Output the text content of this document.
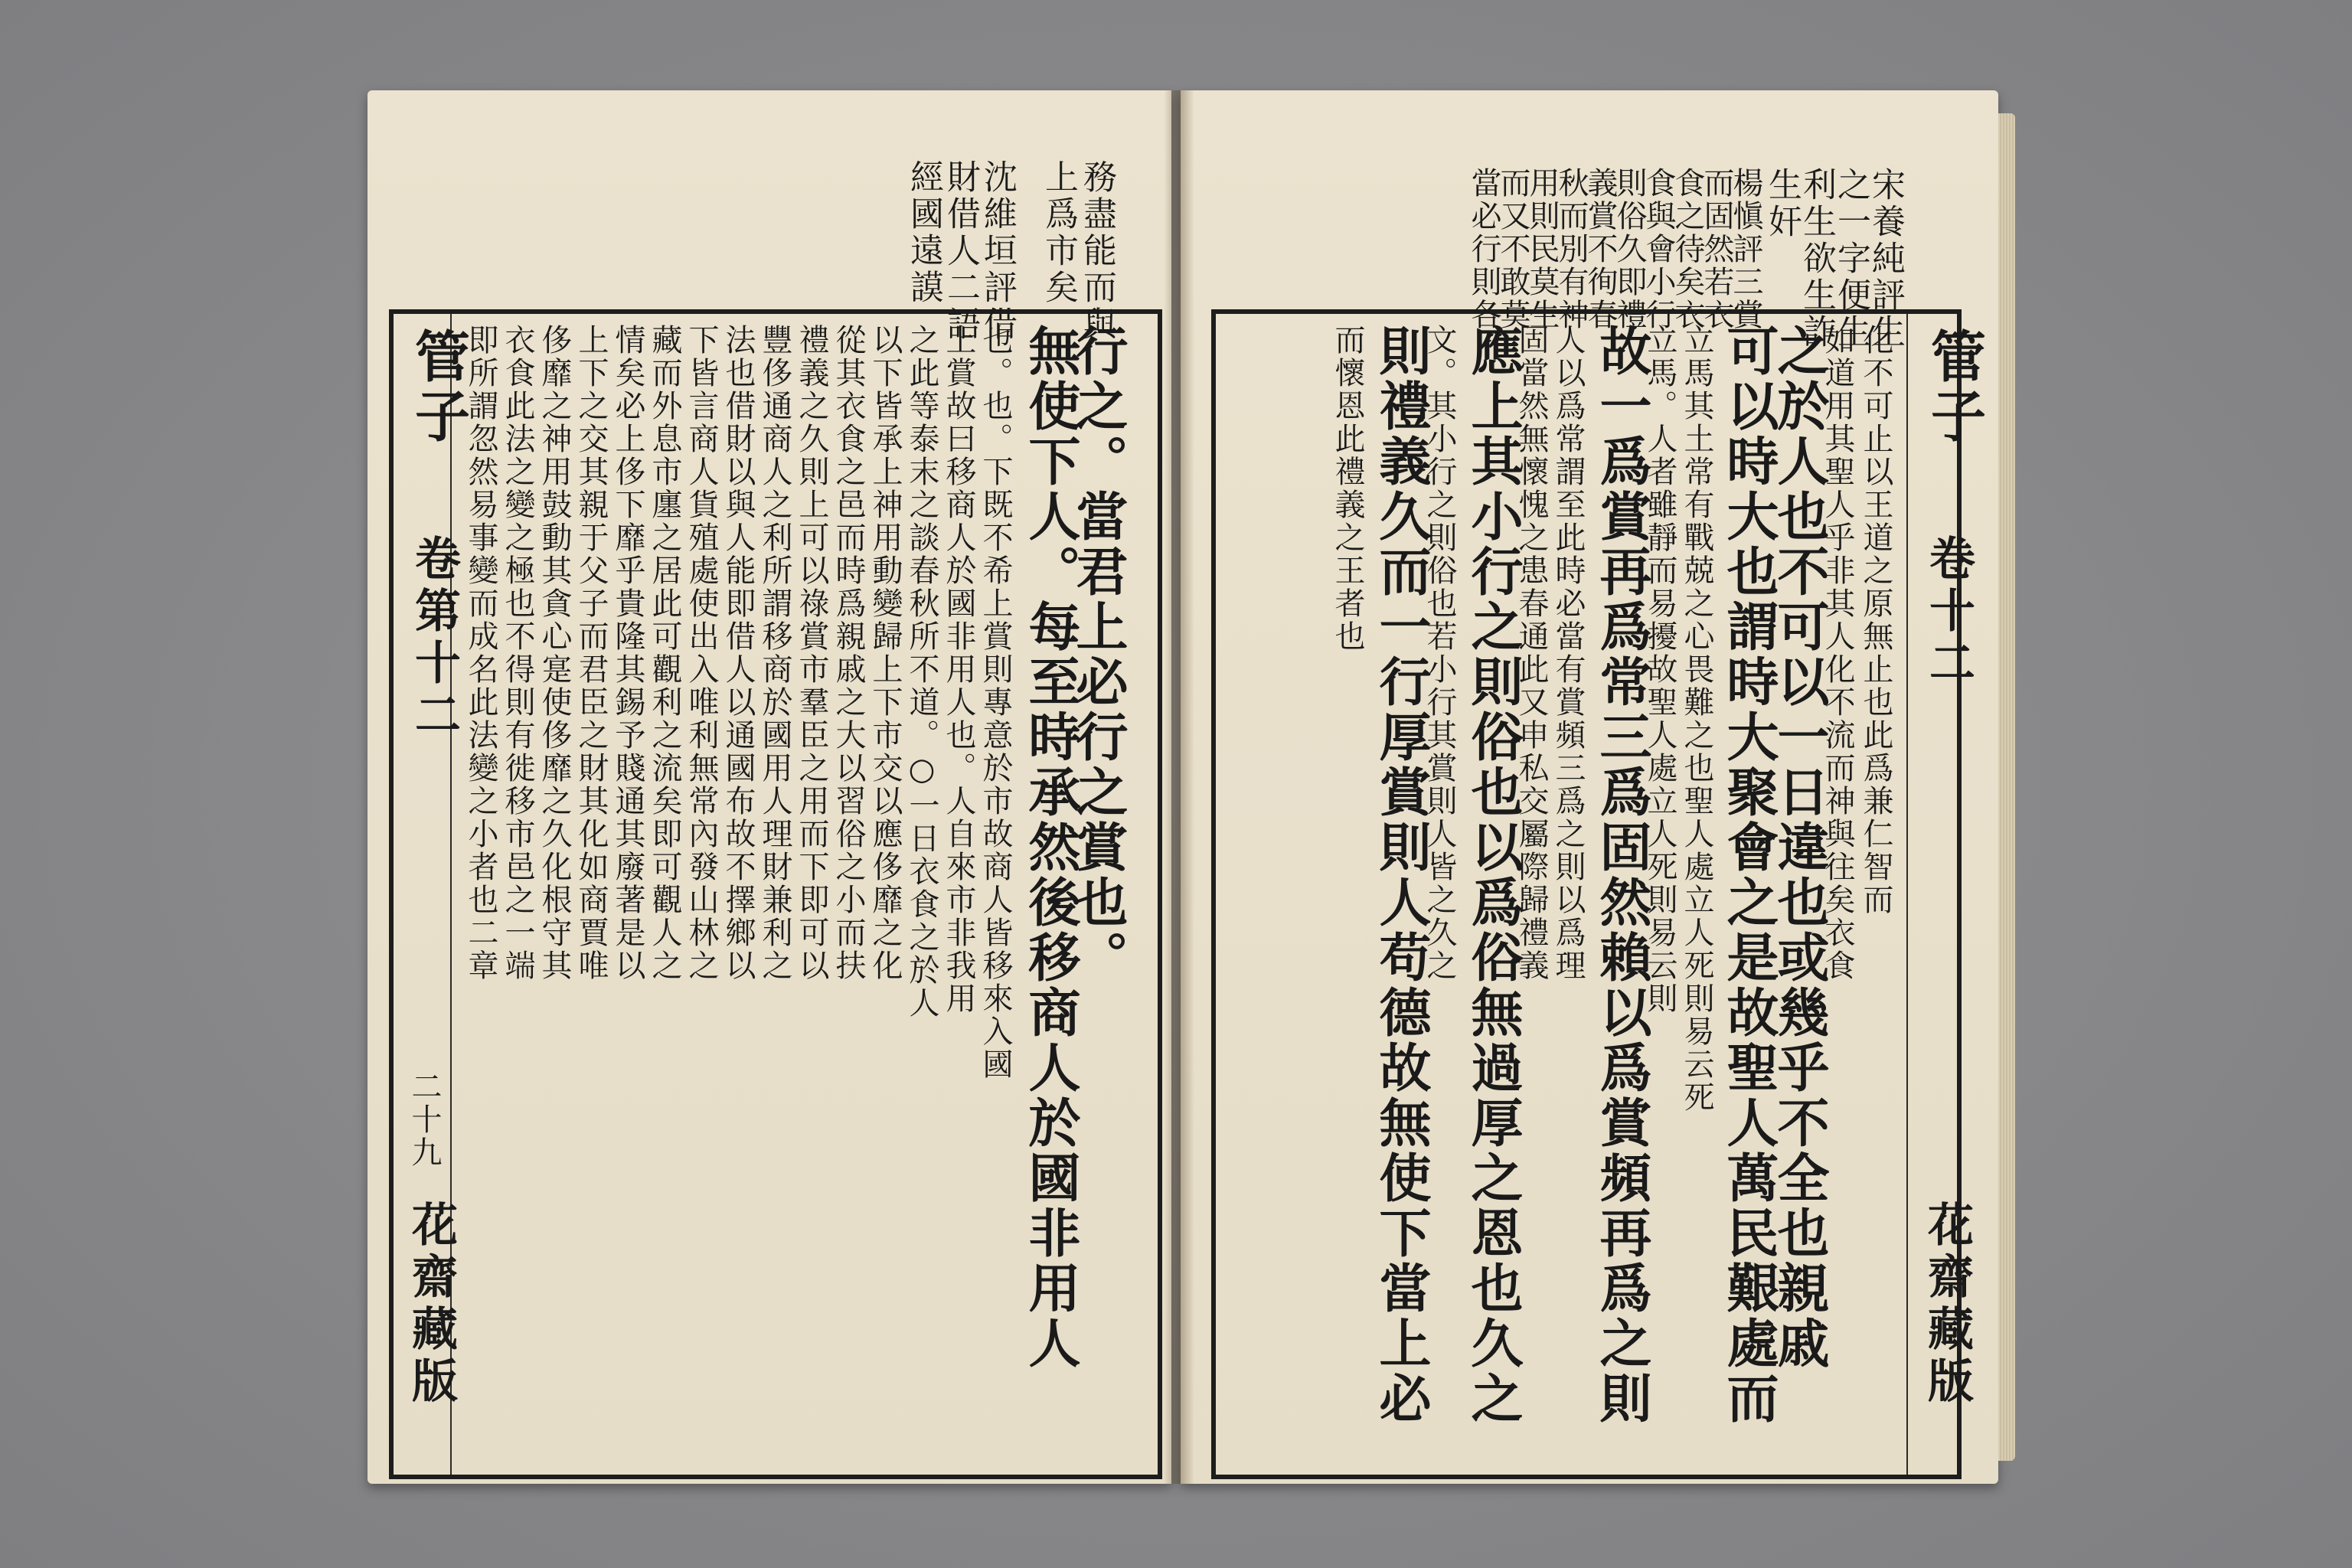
務盡能而與
上爲市矣
沈維垣評借
財借人二語
經國遠謨
行之。當君上必行之賞也。
無使下人。每至時承然後移商人於國非用人
也。也。下既不希上賞則專意於市故商人皆移來入國
上賞故曰移商人於國非用人也。人自來市非我用
之此等泰末之談春秋所不道。○一日衣食之於人
以下皆承上神用動變歸上下市交以應侈靡之化
從其衣食之邑而時爲親戚之大以習俗之小而扶
禮義之久則上可以祿賞市羣臣之用而下即可以
豐侈通商人之利所謂移商於國用人理財兼利之
法也借財以與人能即借人以通國布故不擇鄉以
下皆言商人貨殖處使出入唯利無常內發山林之
藏而外息市廛之居此可觀利之流矣即可觀人之
情矣必上侈下靡乎貴隆其錫予賤通其廢著是以
上下之交其親于父子而君臣之財其化如商賈唯
侈靡之神用鼓動其貪心寔使侈靡之久化根守其
衣食此法之變之極也不得則有徙移市邑之一端
即所謂忽然易事變而成名此法變之小者也二章
管子
卷第十二
二十九
花齋藏版
宋養純評生
之一字便生
利生欲生詐
生奸
楊愼評三賞
而固然若衣
食之待矣衣
食與會小行
則俗久即禮
義賞不徇春
秋而別有神
用則民莫生
而又不敢莫
當必行則各
管子
卷十二
花齋藏版
化不可止以王道之原無止也此爲兼仁智而
如道用其聖人乎非其人化不流而神與往矣衣食
之於人也不可以一日違也或幾乎不全也親戚
可以時大也謂時大聚會之是故聖人萬民艱處而
立馬其土常有戰兢之心畏難之也聖人處立人死則易云死
立馬。人者雖靜而易擾故聖人處立人死則易云則
故一爲賞再爲常三爲固然賴以爲賞頻再爲之則
人以爲常謂至此時必當有賞頻三爲之則以爲理
固當然無懷愧之患春通此又申私交屬際歸禮義
應上其小行之則俗也以爲俗無過厚之恩也久之
文。其小行之則俗也若小行其賞則人皆之久之
則禮義久而一行厚賞則人苟德故無使下當上必
而懷恩此禮義之王者也
